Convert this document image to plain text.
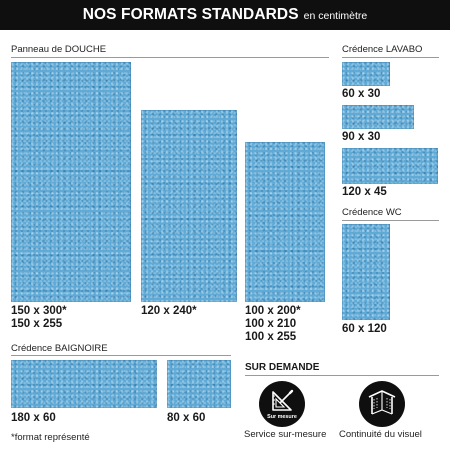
NOS FORMATS STANDARDS en centimètre
Panneau de DOUCHE
150 x 300*
150 x 255
120 x 240*	100 x 200*
100 x 210
100 x 255
Crédence LAVABO
60 x 30
90 x 30
120 x 45
Crédence WC
60 x 120
Crédence BAIGNOIRE
180 x 60	80 x 60
*format représenté
SUR DEMANDE
Sur mesure
Service sur-mesure Continuité du visuel
